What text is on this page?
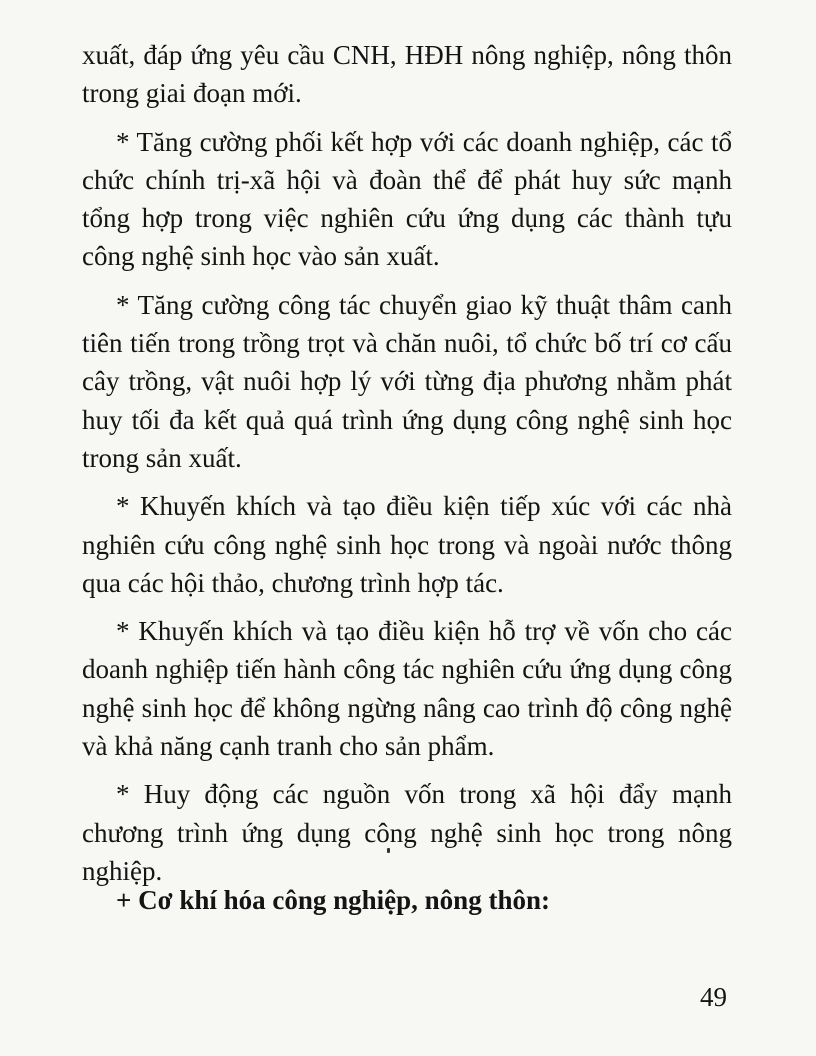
xuất, đáp ứng yêu cầu CNH, HĐH nông nghiệp, nông thôn trong giai đoạn mới.

* Tăng cường phối kết hợp với các doanh nghiệp, các tổ chức chính trị-xã hội và đoàn thể để phát huy sức mạnh tổng hợp trong việc nghiên cứu ứng dụng các thành tựu công nghệ sinh học vào sản xuất.

* Tăng cường công tác chuyển giao kỹ thuật thâm canh tiên tiến trong trồng trọt và chăn nuôi, tổ chức bố trí cơ cấu cây trồng, vật nuôi hợp lý với từng địa phương nhằm phát huy tối đa kết quả quá trình ứng dụng công nghệ sinh học trong sản xuất.

* Khuyến khích và tạo điều kiện tiếp xúc với các nhà nghiên cứu công nghệ sinh học trong và ngoài nước thông qua các hội thảo, chương trình hợp tác.

* Khuyến khích và tạo điều kiện hỗ trợ về vốn cho các doanh nghiệp tiến hành công tác nghiên cứu ứng dụng công nghệ sinh học để không ngừng nâng cao trình độ công nghệ và khả năng cạnh tranh cho sản phẩm.

* Huy động các nguồn vốn trong xã hội đẩy mạnh chương trình ứng dụng công nghệ sinh học trong nông nghiệp.

+ Cơ khí hóa công nghiệp, nông thôn:
49
